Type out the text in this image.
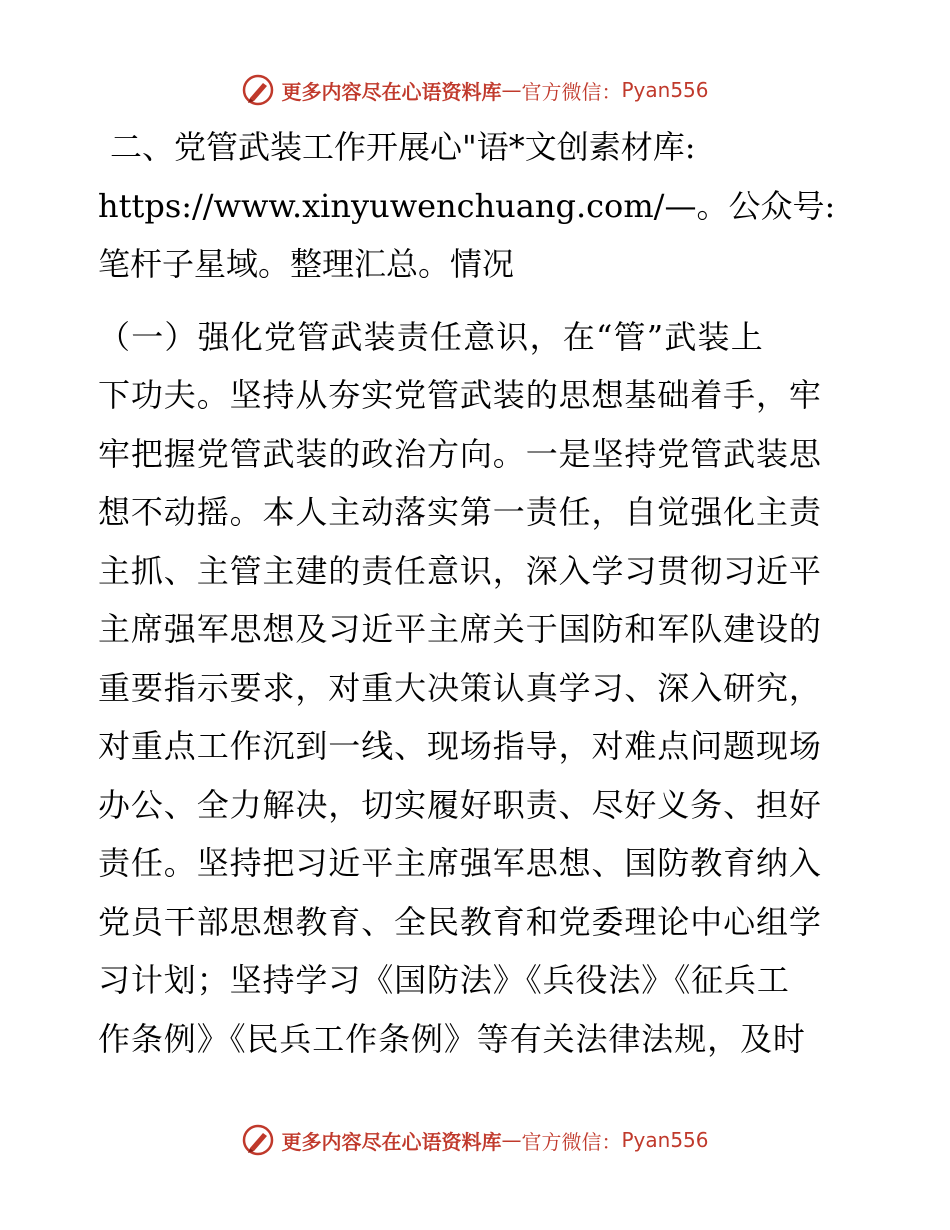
更多内容尽在心语资料库 — 官方微信： Pyan556
二、党管武装工作开展心"语*文创素材库:
https://www.xinyuwenchuang.com/—。公众号:
笔杆子星域。整理汇总。情况

（一）强化党管武装责任意识，在“管”武装上
下功夫。坚持从夯实党管武装的思想基础着手，牢
牢把握党管武装的政治方向。一是坚持党管武装思
想不动摇。本人主动落实第一责任，自觉强化主责
主抓、主管主建的责任意识，深入学习贯彻习近平
主席强军思想及习近平主席关于国防和军队建设的
重要指示要求，对重大决策认真学习、深入研究，
对重点工作沉到一线、现场指导，对难点问题现场
办公、全力解决，切实履好职责、尽好义务、担好
责任。坚持把习近平主席强军思想、国防教育纳入
党员干部思想教育、全民教育和党委理论中心组学
习计划；坚持学习《国防法》《兵役法》《征兵工
作条例》《民兵工作条例》等有关法律法规，及时

更多内容尽在心语资料库 — 官方微信： Pyan556
